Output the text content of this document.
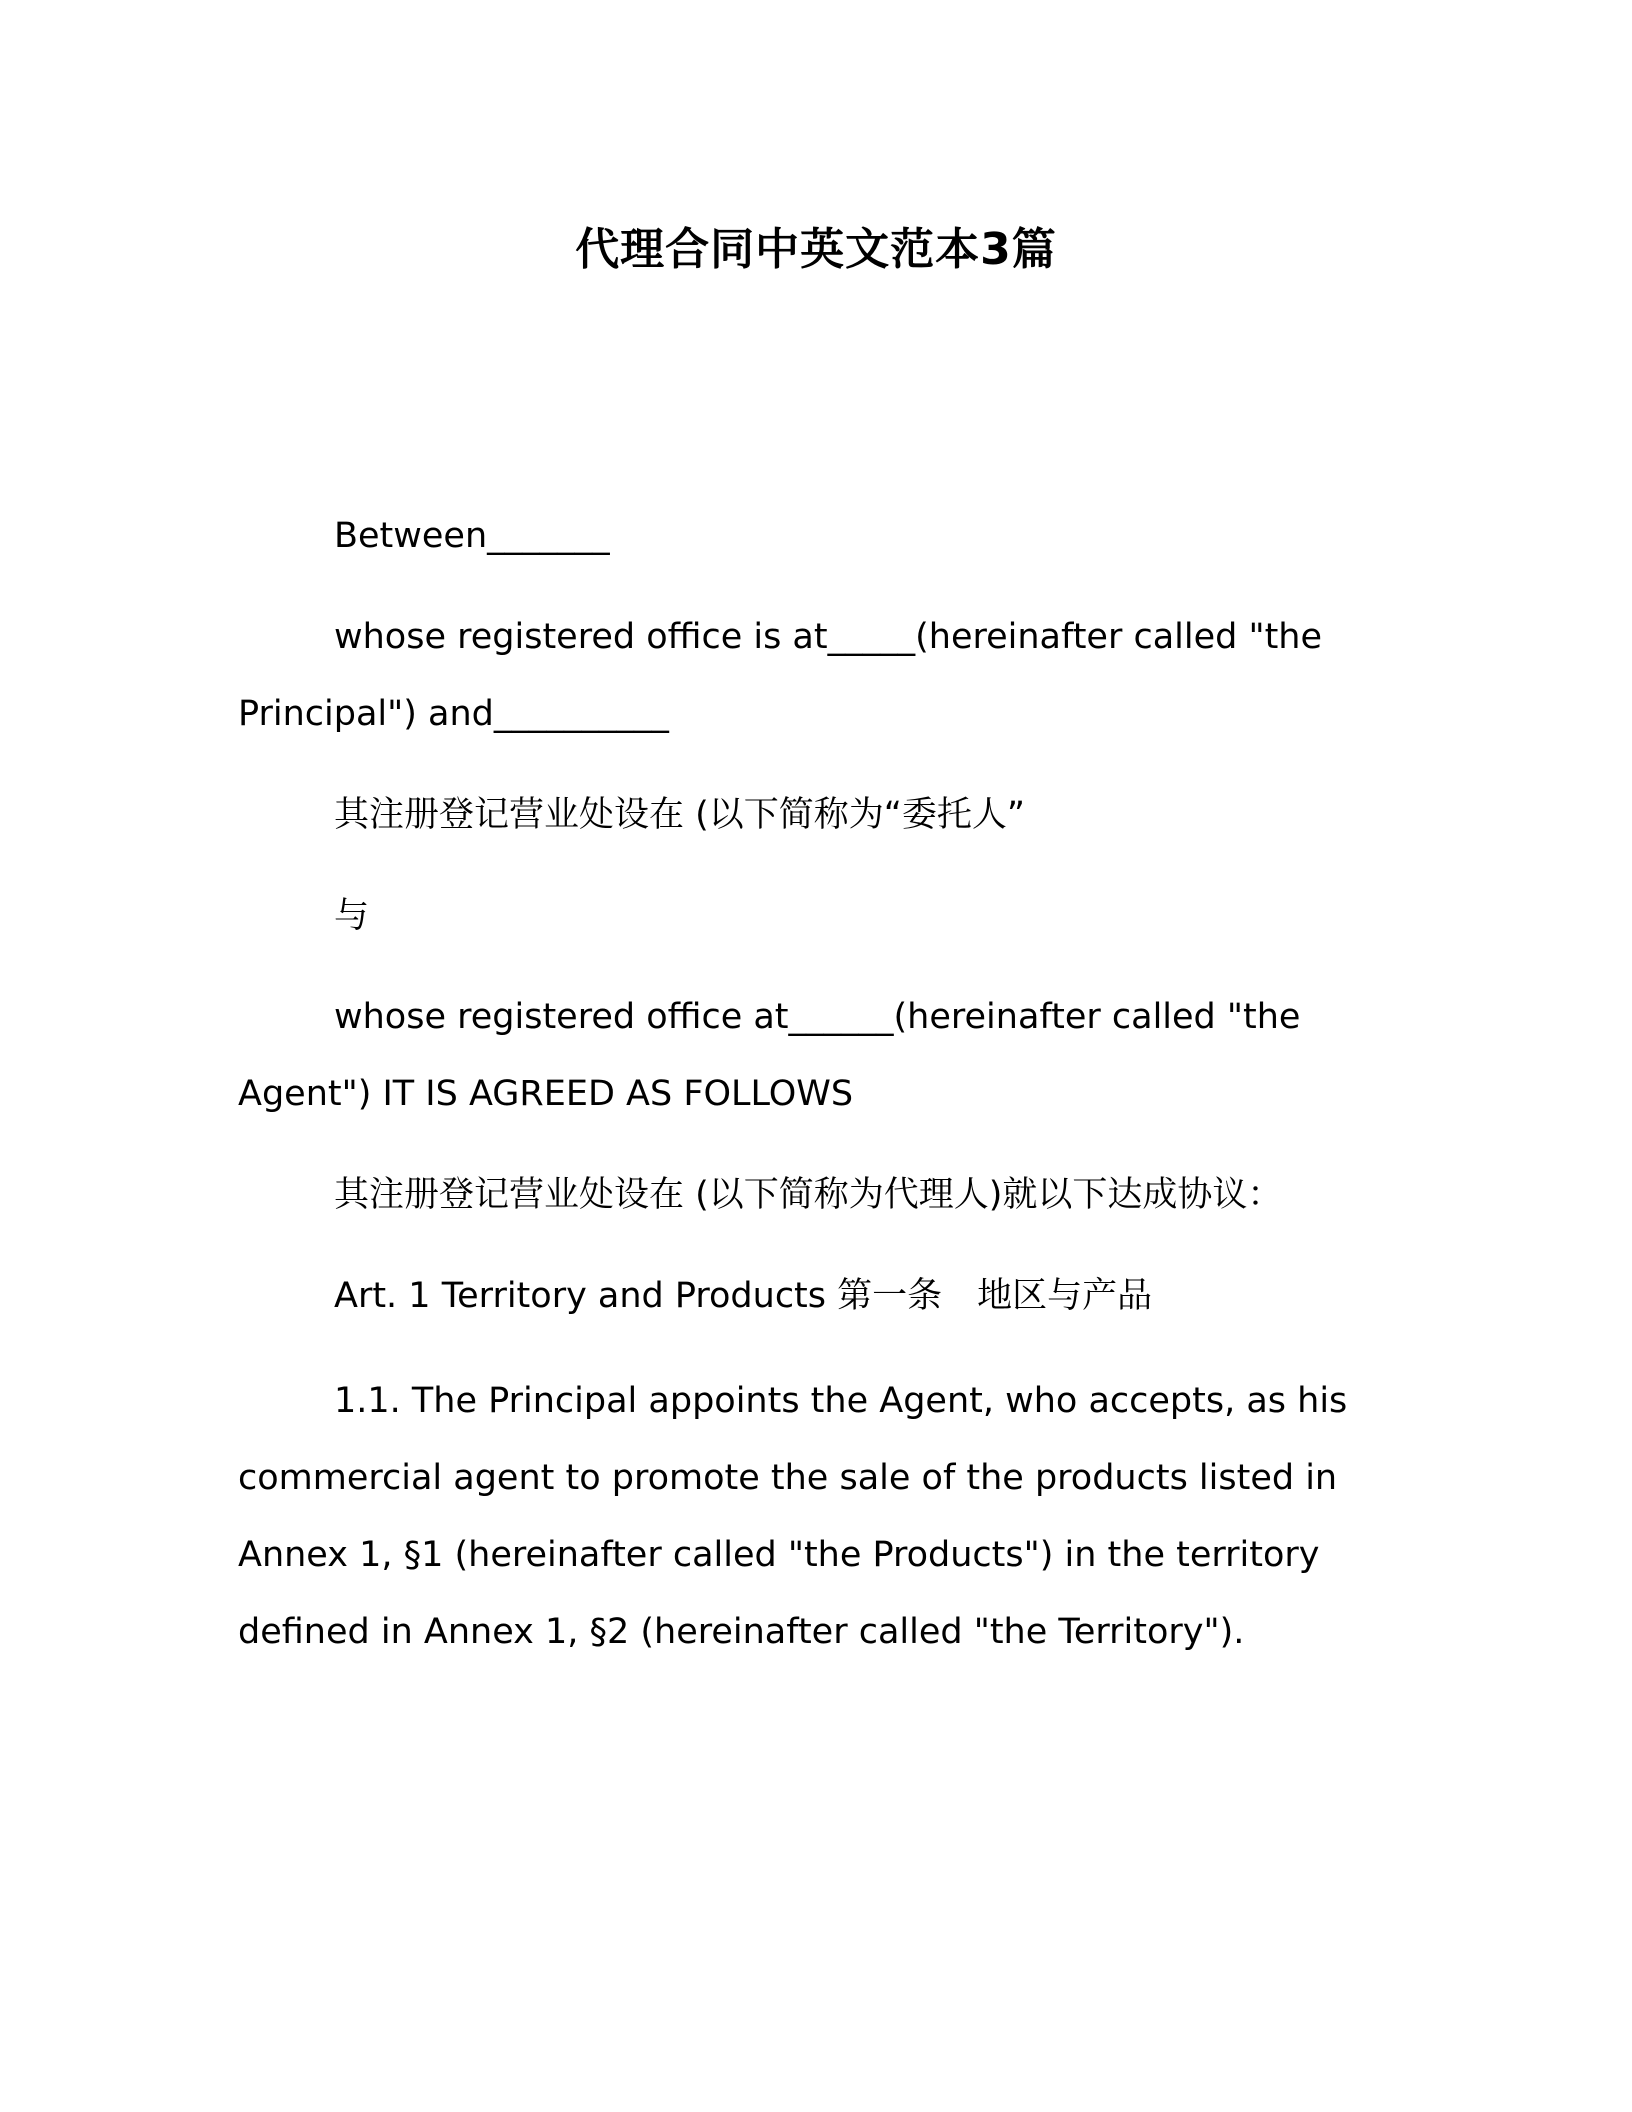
代理合同中英文范本3篇

Between_______

whose registered office is at_____(hereinafter called "the Principal") and__________

其注册登记营业处设在 (以下简称为“委托人”

与

whose registered office at______(hereinafter called "the Agent") IT IS AGREED AS FOLLOWS

其注册登记营业处设在 (以下简称为代理人)就以下达成协议：

Art. 1 Territory and Products 第一条　地区与产品

1.1. The Principal appoints the Agent, who accepts, as his commercial agent to promote the sale of the products listed in Annex 1, §1 (hereinafter called "the Products") in the territory defined in Annex 1, §2 (hereinafter called "the Territory").
